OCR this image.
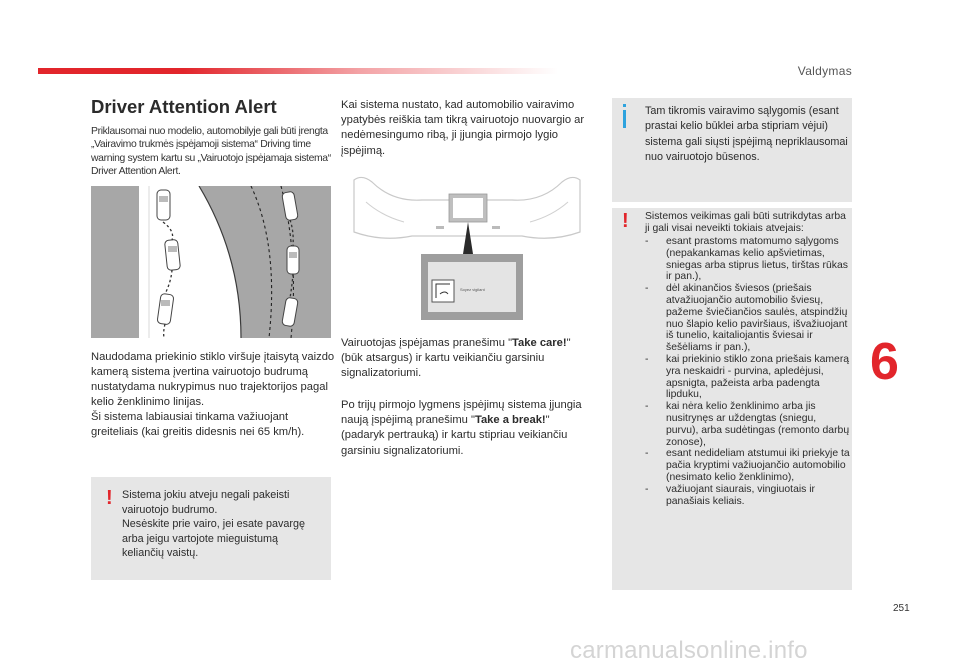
Valdymas
Driver Attention Alert
Priklausomai nuo modelio, automobilyje gali būti įrengta „Vairavimo trukmės įspėjamoji sistema“ Driving time warning system kartu su „Vairuotojo įspėjamaja sistema“ Driver Attention Alert.
Naudodama priekinio stiklo viršuje įtaisytą vaizdo kamerą sistema įvertina vairuotojo budrumą nustatydama nukrypimus nuo trajektorijos pagal kelio ženklinimo linijas.
Ši sistema labiausiai tinkama važiuojant greiteliais (kai greitis didesnis nei 65 km/h).
! Sistema jokiu atveju negali pakeisti vairuotojo budrumo.
Nesėskite prie vairo, jei esate pavargę arba jeigu vartojote mieguistumą keliančių vaistų.
Kai sistema nustato, kad automobilio vairavimo ypatybės reiškia tam tikrą vairuotojo nuovargio ar nedėmesingumo ribą, ji įjungia pirmojo lygio įspėjimą.
Soyez vigilant
Vairuotojas įspėjamas pranešimu "Take care!" (būk atsargus) ir kartu veikiančiu garsiniu signalizatoriumi.
Po trijų pirmojo lygmens įspėjimų sistema įjungia naują įspėjimą pranešimu "Take a break!" (padaryk pertrauką) ir kartu stipriau veikiančiu garsiniu signalizatoriumi.
Tam tikromis vairavimo sąlygomis (esant prastai kelio būklei arba stipriam vėjui) sistema gali siųsti įspėjimą nepriklausomai nuo vairuotojo būsenos.
! Sistemos veikimas gali būti sutrikdytas arba ji gali visai neveikti tokiais atvejais:
- esant prastoms matomumo sąlygoms (nepakankamas kelio apšvietimas, sniegas arba stiprus lietus, tirštas rūkas ir pan.),
- dėl akinančios šviesos (priešais atvažiuojančio automobilio šviesų, pažeme šviečiančios saulės, atspindžių nuo šlapio kelio paviršiaus, išvažiuojant iš tunelio, kaitaliojantis šviesai ir šešėliams ir pan.),
- kai priekinio stiklo zona priešais kamerą yra neskaidri - purvina, apledėjusi, apsnigta, pažeista arba padengta lipduku,
- kai nėra kelio ženklinimo arba jis nusitrynęs ar uždengtas (sniegu, purvu), arba sudėtingas (remonto darbų zonose),
- esant nedideliam atstumui iki priekyje ta pačia kryptimi važiuojančio automobilio (nesimato kelio ženklinimo),
- važiuojant siaurais, vingiuotais ir panašiais keliais.
6
251
carmanualsonline.info
